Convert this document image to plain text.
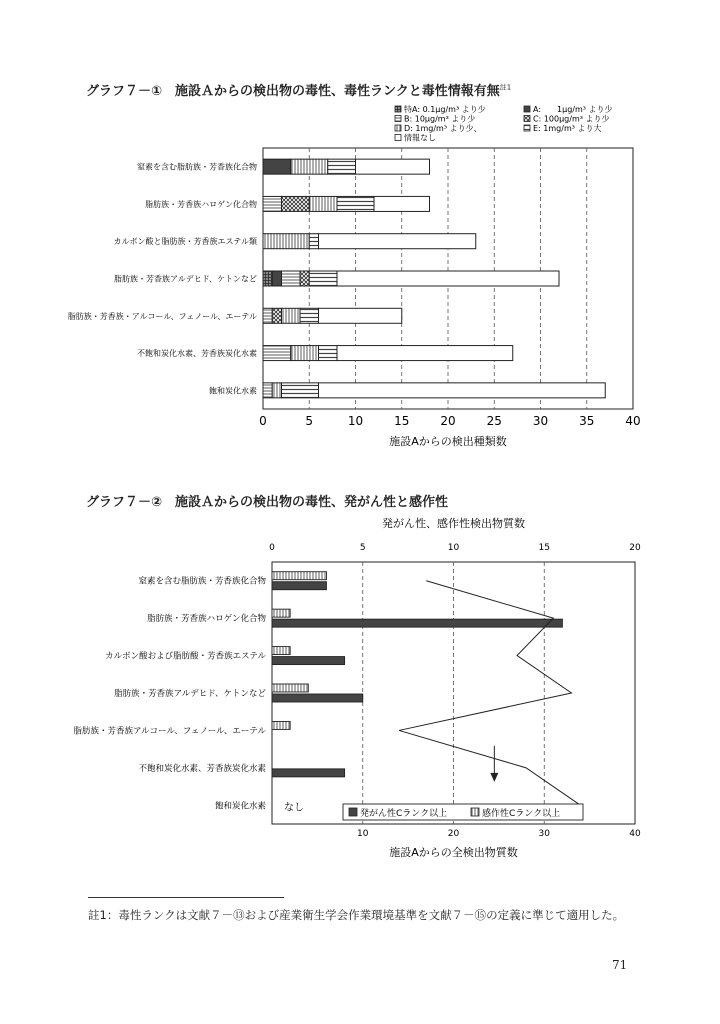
グラフ７－①　施設Ａからの検出物の毒性、毒性ランクと毒性情報有無$^{註1}$
グラフ７－②　施設Ａからの検出物の毒性、発がん性と感作性
0	5	10	15	20	25	30	35	40
施設Aからの検出種類数
窒素を含む脂肪族・芳香族化合物
脂肪族・芳香族ハロゲン化合物
カルボン酸と脂肪族・芳香族エステル類
脂肪族・芳香族アルデヒド、ケトンなど
脂肪族・芳香族・アルコール、フェノール、エーテル
不飽和炭化水素、芳香族炭化水素
飽和炭化水素
特A: 0.1μg/m³ より少	A:　　1μg/m³ より少
B: 10μg/m³ より少	C: 100μg/m³ より少
D: 1mg/m³ より少、	E: 1mg/m³ より大
情報なし
発がん性、感作性検出物質数
0	5	10	15	20
10	20	30	40
施設Aからの全検出物質数
窒素を含む脂肪族・芳香族化合物
脂肪族・芳香族ハロゲン化合物
カルボン酸および脂肪酸・芳香族エステル
脂肪族・芳香族アルデヒド、ケトンなど
脂肪族・芳香族アルコール、フェノール、エーテル
不飽和炭化水素、芳香族炭化水素
飽和炭化水素 なし
発がん性Cランク以上	感作性Cランク以上
註1：毒性ランクは文献７－⑬および産業衛生学会作業環境基準を文献７－⑮の定義に準じて適用した。
71
